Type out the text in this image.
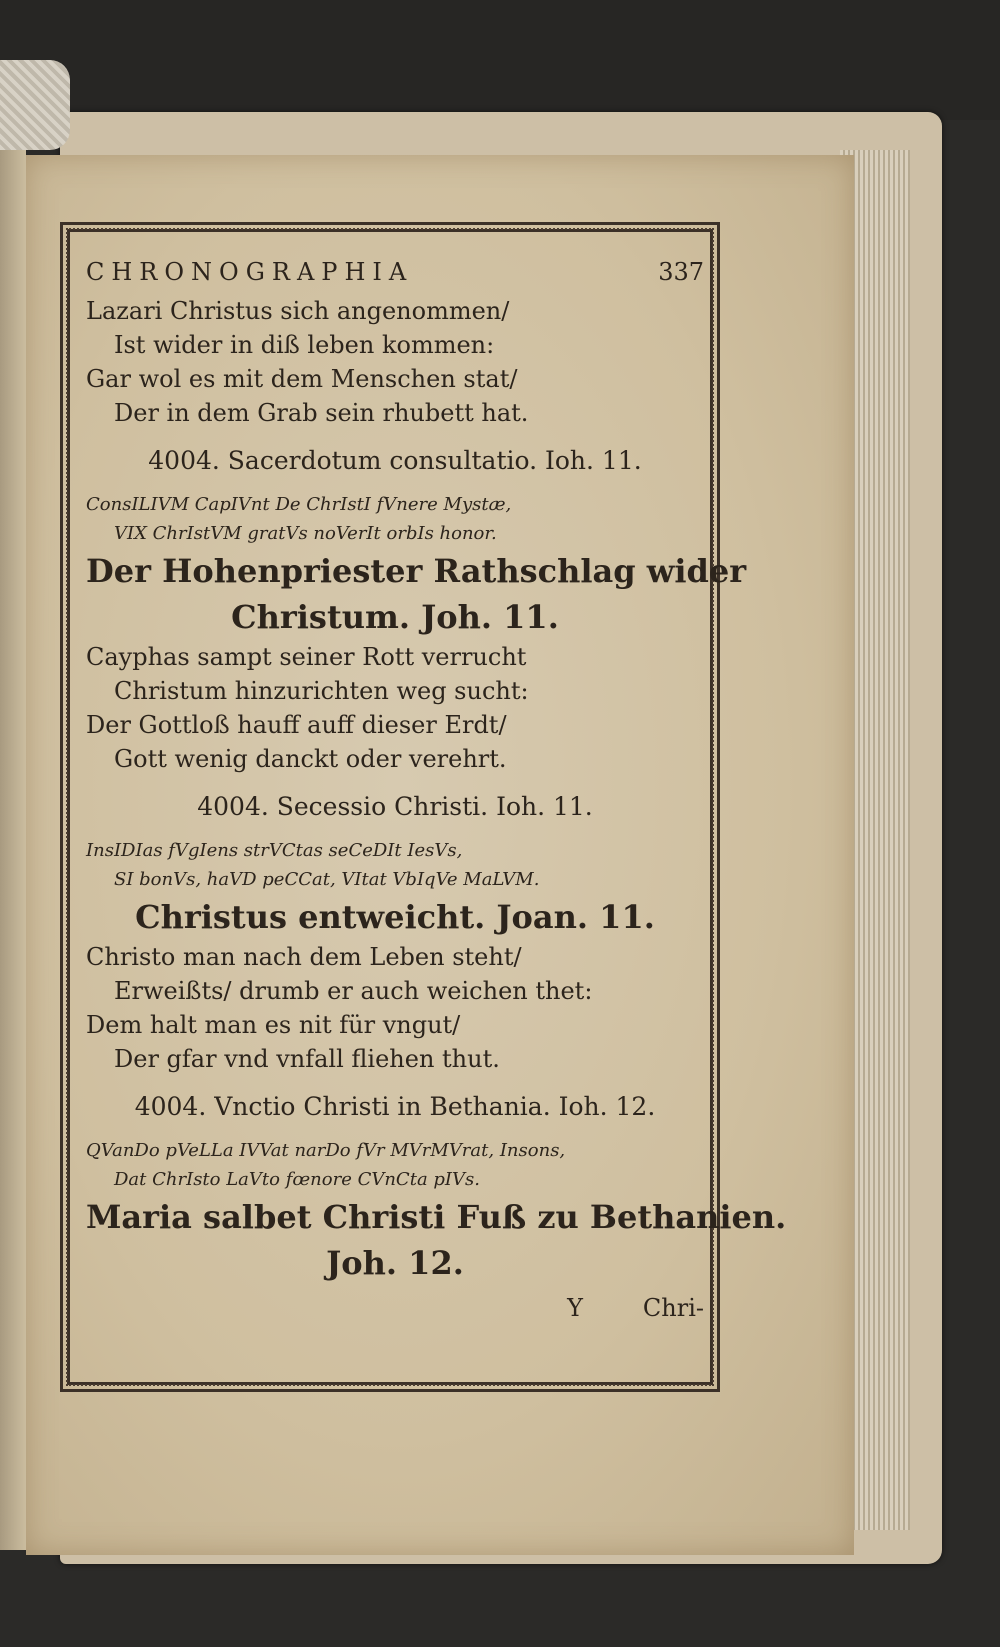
CHRONOGRAPHIA	337
Lazari Christus sich angenommen/
Ist wider in diß leben kommen:
Gar wol es mit dem Menschen stat/
Der in dem Grab sein rhubett hat.
4004. Sacerdotum consultatio. Ioh. 11.
ConsILIVM CapIVnt De ChrIstI fVnere Mystæ,
VIX ChrIstVM gratVs noVerIt orbIs honor.
Der Hohenpriester Rathschlag wider
Christum. Joh. 11.
Cayphas sampt seiner Rott verrucht
Christum hinzurichten weg sucht:
Der Gottloß hauff auff dieser Erdt/
Gott wenig danckt oder verehrt.
4004. Secessio Christi. Ioh. 11.
InsIDIas fVgIens strVCtas seCeDIt IesVs,
SI bonVs, haVD peCCat, VItat VbIqVe MaLVM.
Christus entweicht. Joan. 11.
Christo man nach dem Leben steht/
Erweißts/ drumb er auch weichen thet:
Dem halt man es nit für vngut/
Der gfar vnd vnfall fliehen thut.
4004. Vnctio Christi in Bethania. Ioh. 12.
QVanDo pVeLLa IVVat narDo fVr MVrMVrat, Insons,
Dat ChrIsto LaVto fœnore CVnCta pIVs.
Maria salbet Christi Fuß zu Bethanien.
Joh. 12.
Y	Chri-
